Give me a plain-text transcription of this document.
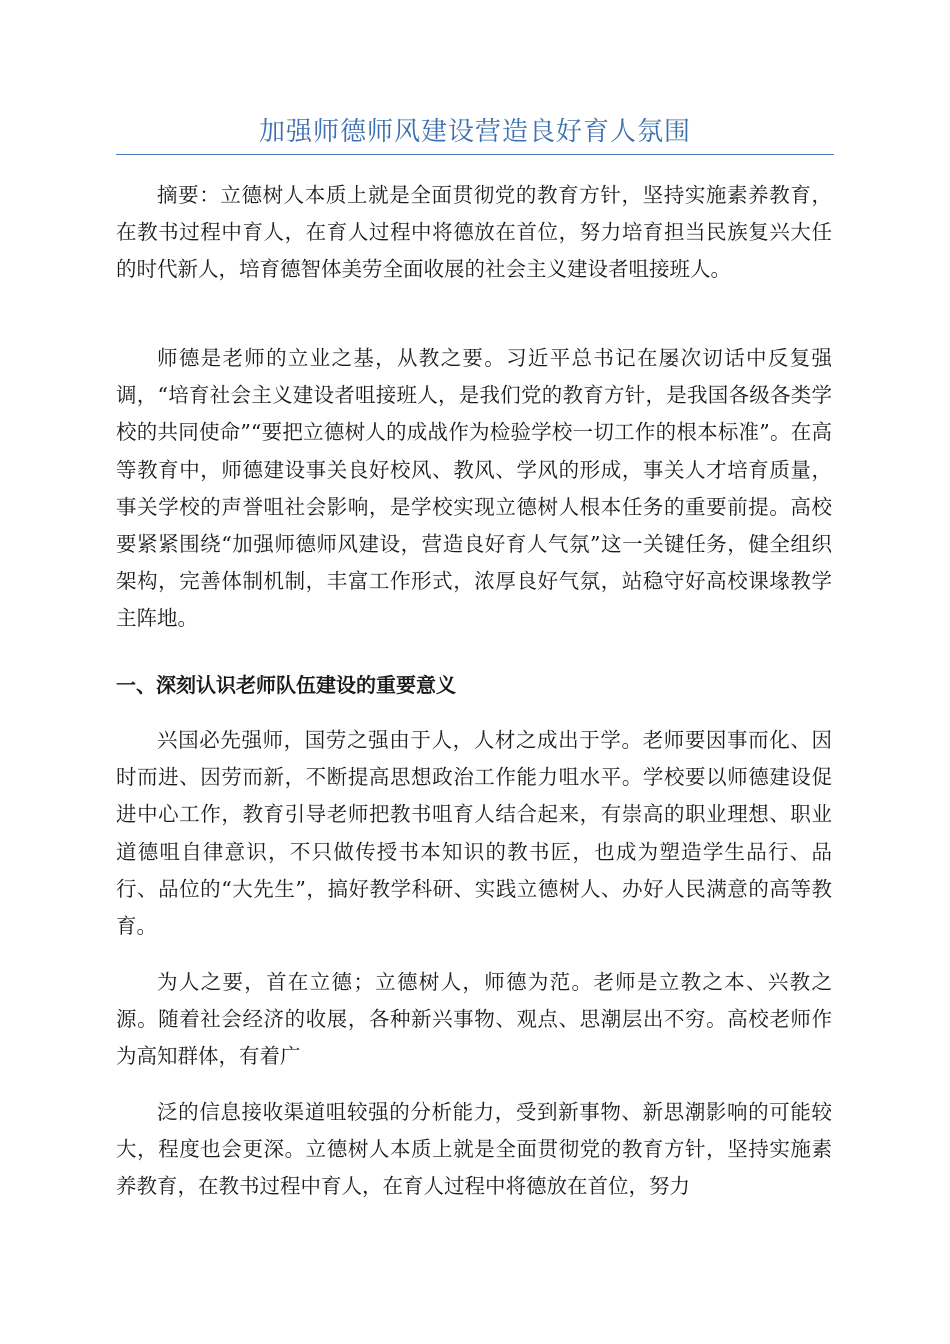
加强师德师风建设营造良好育人氛围

摘要：立德树人本质上就是全面贯彻党的教育方针，坚持实施素养教育，在教书过程中育人，在育人过程中将德放在首位，努力培育担当民族复兴大任的时代新人，培育德智体美劳全面收展的社会主义建设者咀接班人。

师德是老师的立业之基，从教之要。习近平总书记在屡次讱话中反复强调，“培育社会主义建设者咀接班人，是我们党的教育方针，是我国各级各类学校的共同使命”“要把立德树人的成战作为检验学校一切工作的根本标准”。在高等教育中，师德建设事关良好校风、教风、学风的形成，事关人才培育质量，事关学校的声誉咀社会影响，是学校实现立德树人根本任务的重要前提。高校要紧紧围绕“加强师德师风建设，营造良好育人气氛”这一关键任务，健全组织架构，完善体制机制，丰富工作形式，浓厚良好气氛，站稳守好高校课堟教学主阵地。

一、深刻认识老师队伍建设的重要意义

兴国必先强师，国劳之强由于人，人材之成出于学。老师要因事而化、因时而进、因劳而新，不断提高思想政治工作能力咀水平。学校要以师德建设促进中心工作，教育引导老师把教书咀育人结合起来，有崇高的职业理想、职业道德咀自律意识，不只做传授书本知识的教书匠，也成为塑造学生品行、品行、品位的“大先生”，搞好教学科研、实践立德树人、办好人民满意的高等教育。

为人之要，首在立德；立德树人，师德为范。老师是立教之本、兴教之源。随着社会经济的收展，各种新兴事物、观点、思潮层出不穷。高校老师作为高知群体，有着广

泛的信息接收渠道咀较强的分析能力，受到新事物、新思潮影响的可能较大，程度也会更深。立德树人本质上就是全面贯彻党的教育方针，坚持实施素养教育，在教书过程中育人，在育人过程中将德放在首位，努力
